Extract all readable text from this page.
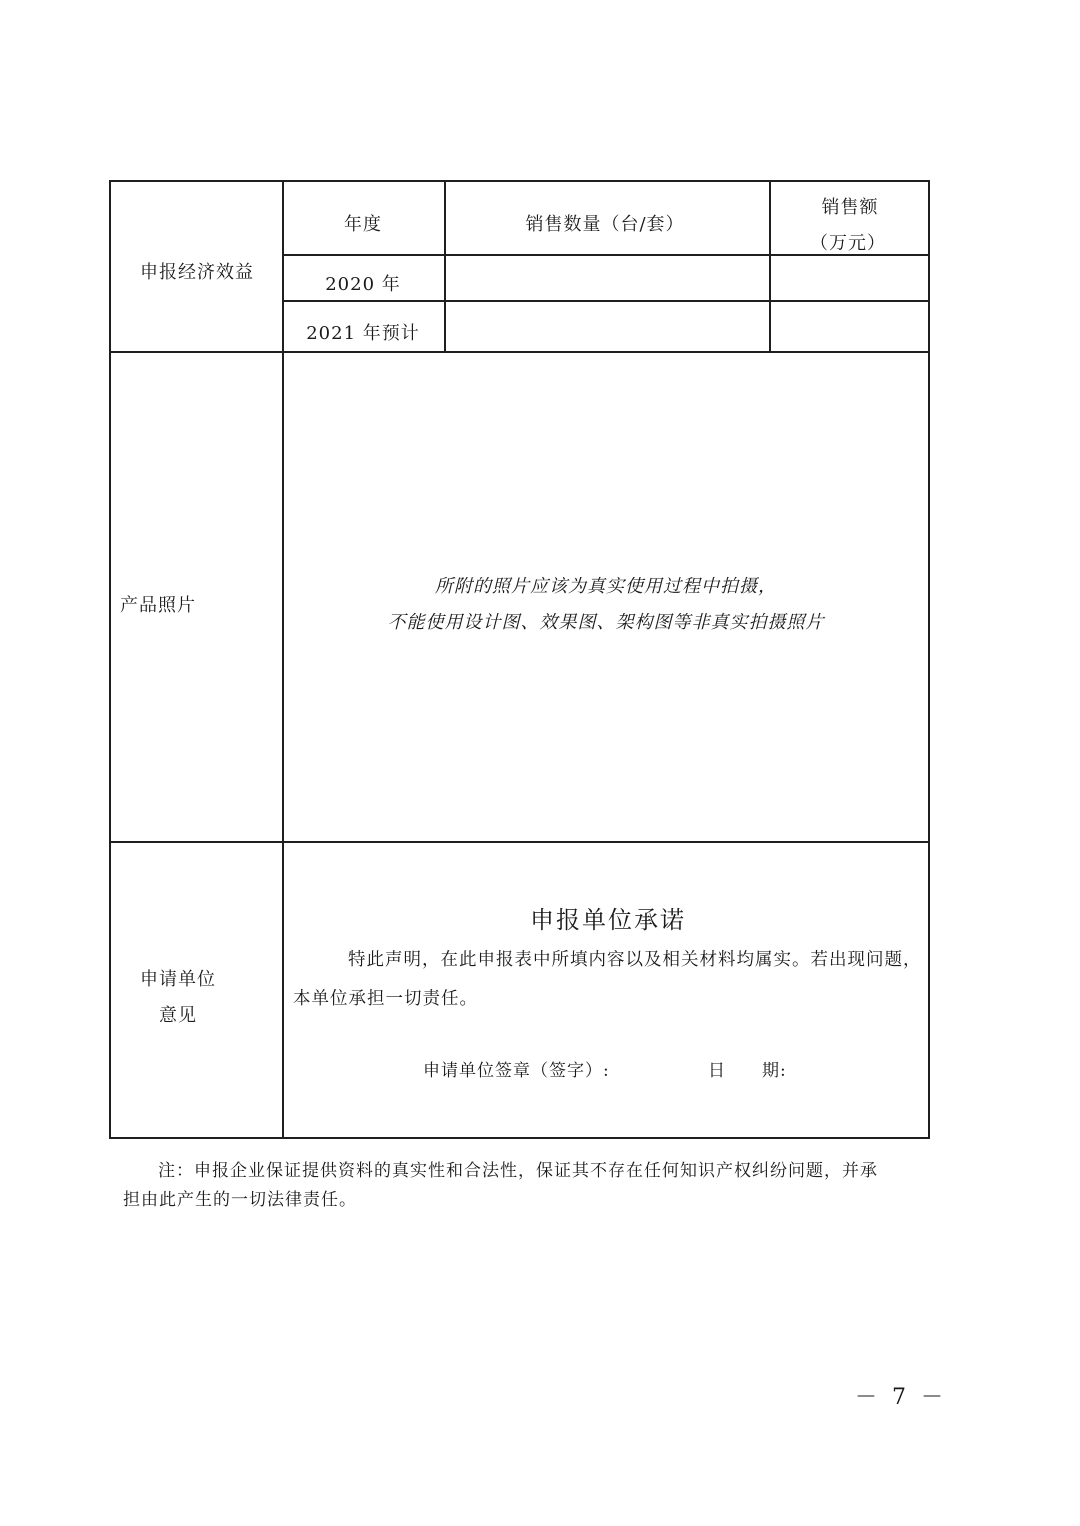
申报经济效益
年度	销售数量（台/套）
销售额
（万元）
2020 年
2021 年预计
产品照片
所附的照片应该为真实使用过程中拍摄，
不能使用设计图、效果图、架构图等非真实拍摄照片
申请单位
意见
申报单位承诺
特此声明，在此申报表中所填内容以及相关材料均属实。若出现问题，
本单位承担一切责任。
申请单位签章（签字）:	日　　期:
注：申报企业保证提供资料的真实性和合法性，保证其不存在任何知识产权纠纷问题，并承
担由此产生的一切法律责任。
－ 7 －
